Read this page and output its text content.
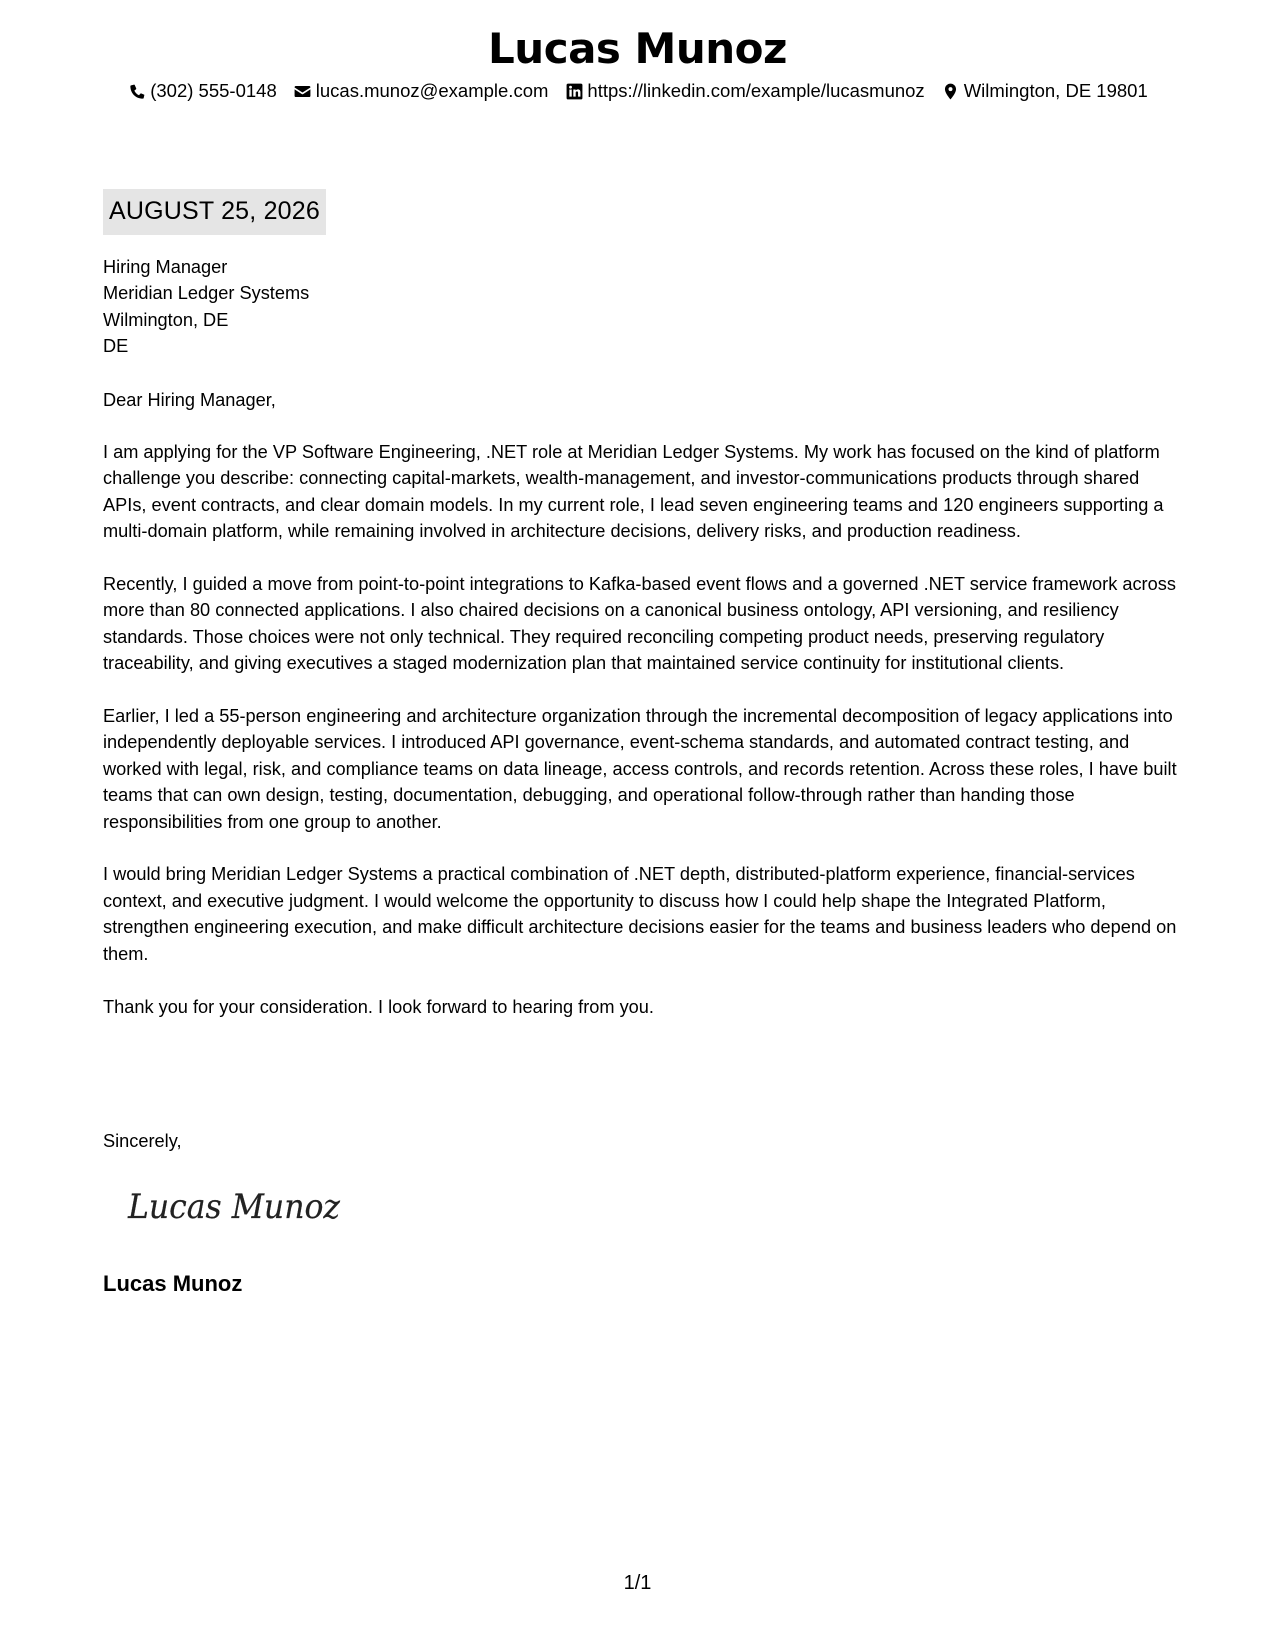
Lucas Munoz
(302) 555-0148 lucas.munoz@example.com https://linkedin.com/example/lucasmunoz Wilmington, DE 19801
AUGUST 25, 2026
Hiring Manager
Meridian Ledger Systems
Wilmington, DE
DE

Dear Hiring Manager,

I am applying for the VP Software Engineering, .NET role at Meridian Ledger Systems. My work has focused on the kind of platform challenge you describe: connecting capital-markets, wealth-management, and investor-communications products through shared APIs, event contracts, and clear domain models. In my current role, I lead seven engineering teams and 120 engineers supporting a multi-domain platform, while remaining involved in architecture decisions, delivery risks, and production readiness.

Recently, I guided a move from point-to-point integrations to Kafka-based event flows and a governed .NET service framework across more than 80 connected applications. I also chaired decisions on a canonical business ontology, API versioning, and resiliency standards. Those choices were not only technical. They required reconciling competing product needs, preserving regulatory traceability, and giving executives a staged modernization plan that maintained service continuity for institutional clients.

Earlier, I led a 55-person engineering and architecture organization through the incremental decomposition of legacy applications into independently deployable services. I introduced API governance, event-schema standards, and automated contract testing, and worked with legal, risk, and compliance teams on data lineage, access controls, and records retention. Across these roles, I have built teams that can own design, testing, documentation, debugging, and operational follow-through rather than handing those responsibilities from one group to another.

I would bring Meridian Ledger Systems a practical combination of .NET depth, distributed-platform experience, financial-services context, and executive judgment. I would welcome the opportunity to discuss how I could help shape the Integrated Platform, strengthen engineering execution, and make difficult architecture decisions easier for the teams and business leaders who depend on them.

Thank you for your consideration. I look forward to hearing from you.

Sincerely,
Lucas Munoz
Lucas Munoz
1/1
